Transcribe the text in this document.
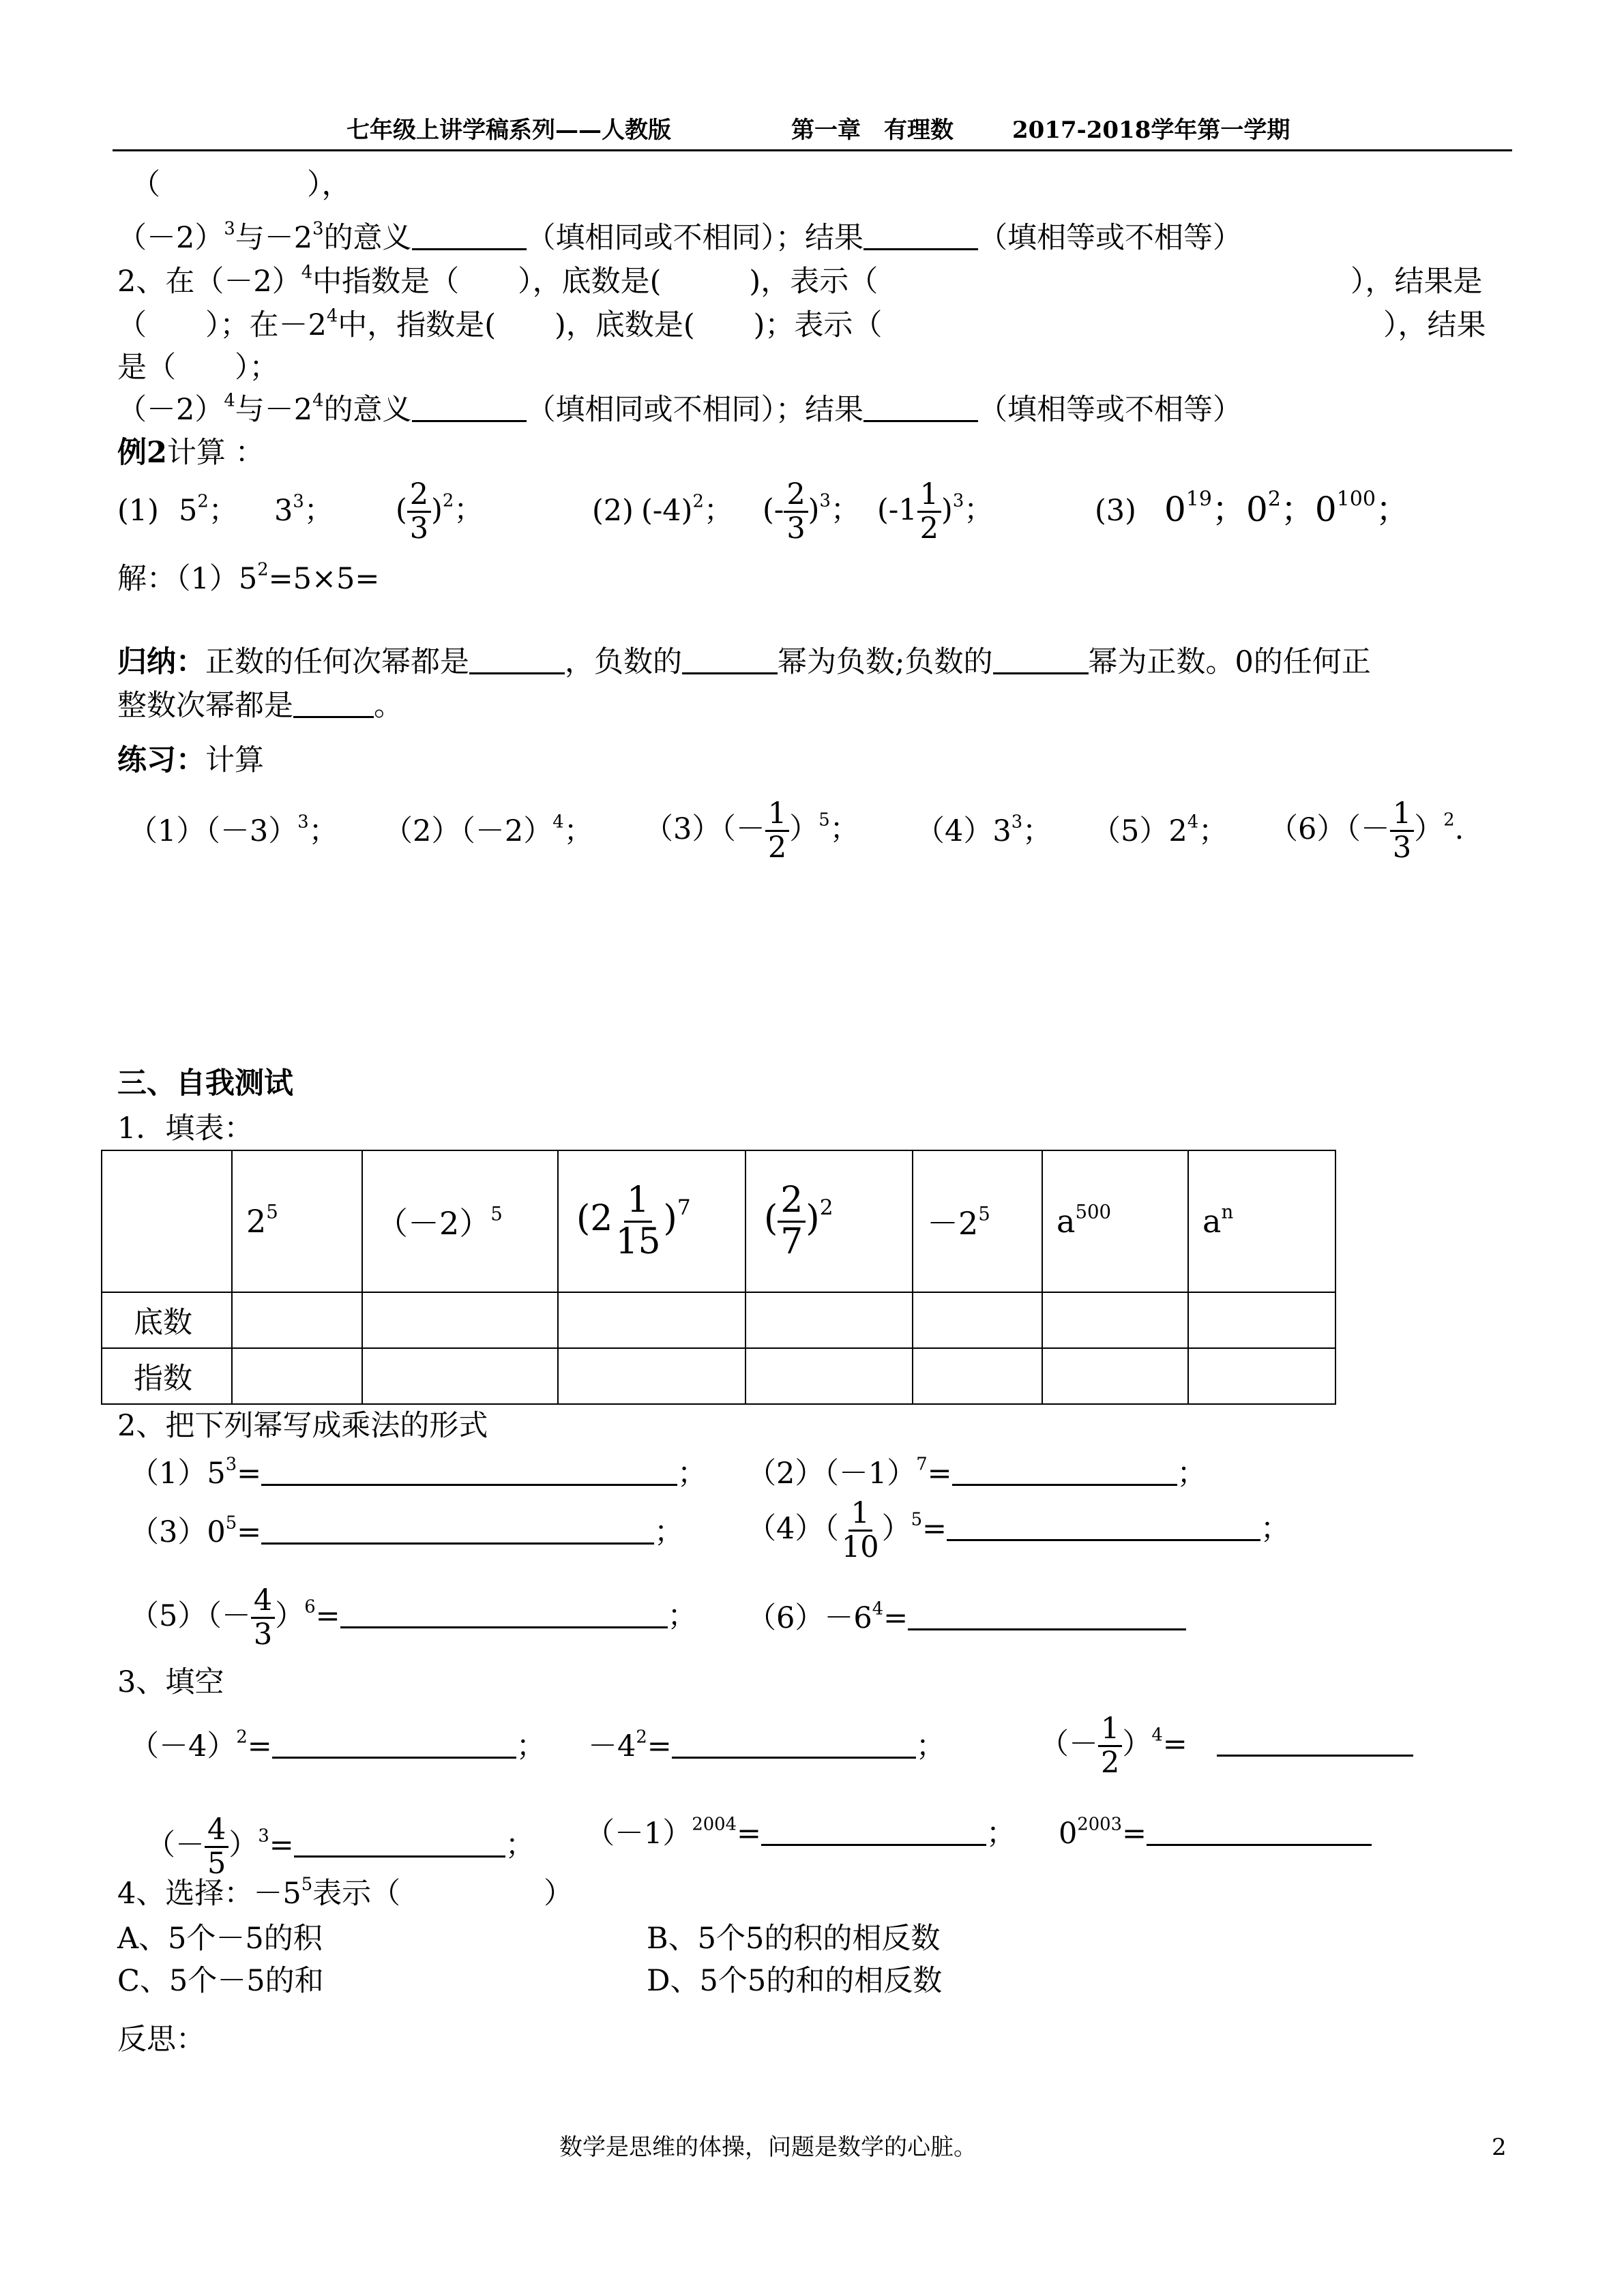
七年级上讲学稿系列——人教版	第一章　有理数	2017-2018学年第一学期
（　　　　　），
$(-2)^3$与$-2^3$的意义	（填相同或不相同）；结果	（填相等或不相等）
2、在$(-2)^4$中指数是（　　），底数是(　　　)，表示（	），结果是
（　　）；在$-2^4$中，指数是(　　)，底数是(　　)；表示（	），结果
是（　　）；
$(-2)^4$与$-2^4$的意义	（填相同或不相同）；结果	（填相等或不相等）
例2计算 ：
(1) $5^2$； $3^3$； ( $\frac{2}{3} )^2$；	(2) $(-4)^2$； (- $\frac{2}{3} )^3$； $(-1 \frac{1}{2} )^3$；	(3) $0^{19}$；$0^2$；$0^{100}$；
解：$(1)5^2=5\times 5=$
归纳：正数的任何次幂都是	，负数的	幂为负数;负数的	幂为正数。0的任何正
整数次幂都是	。
练习：计算
$(1)(-3)^3$； $(2)(-2)^4$； $(3)(- \frac{1}{2} )^5$； $(4)3^3$； $(5)2^4$； $(6)(- \frac{1}{3} )^2$.
三、自我测试
1．填表：
	$2^5$	$(-2)^5$	$(2 \frac{1}{15} )^7$	( $\frac{2}{7} )^2$	$-2^5$	$a^{500}$	$a^n$
底数							
指数							
2、把下列幂写成乘法的形式
$(1)5^3=$	； $(2)(-1)^7=$	；
$(3)0^5=$	； $(4)( \frac{1}{10} )^5=$	；
$(5)(- \frac{4}{3} )^6=$	； $(6)-6^4=$
3、填空
$(-4)^2=$	； $-4^2=$	；	（－ $\frac{1}{2} )^4=$　
（－ $\frac{4}{5} )^3=$	； $(-1)^{2004}=$	； $0^{2003}=$
4、选择：$-5^5$表示（	）
A、5个－5的积	B、5个5的积的相反数
C、5个－5的和	D、5个5的和的相反数
反思：
数学是思维的体操，问题是数学的心脏。	2
